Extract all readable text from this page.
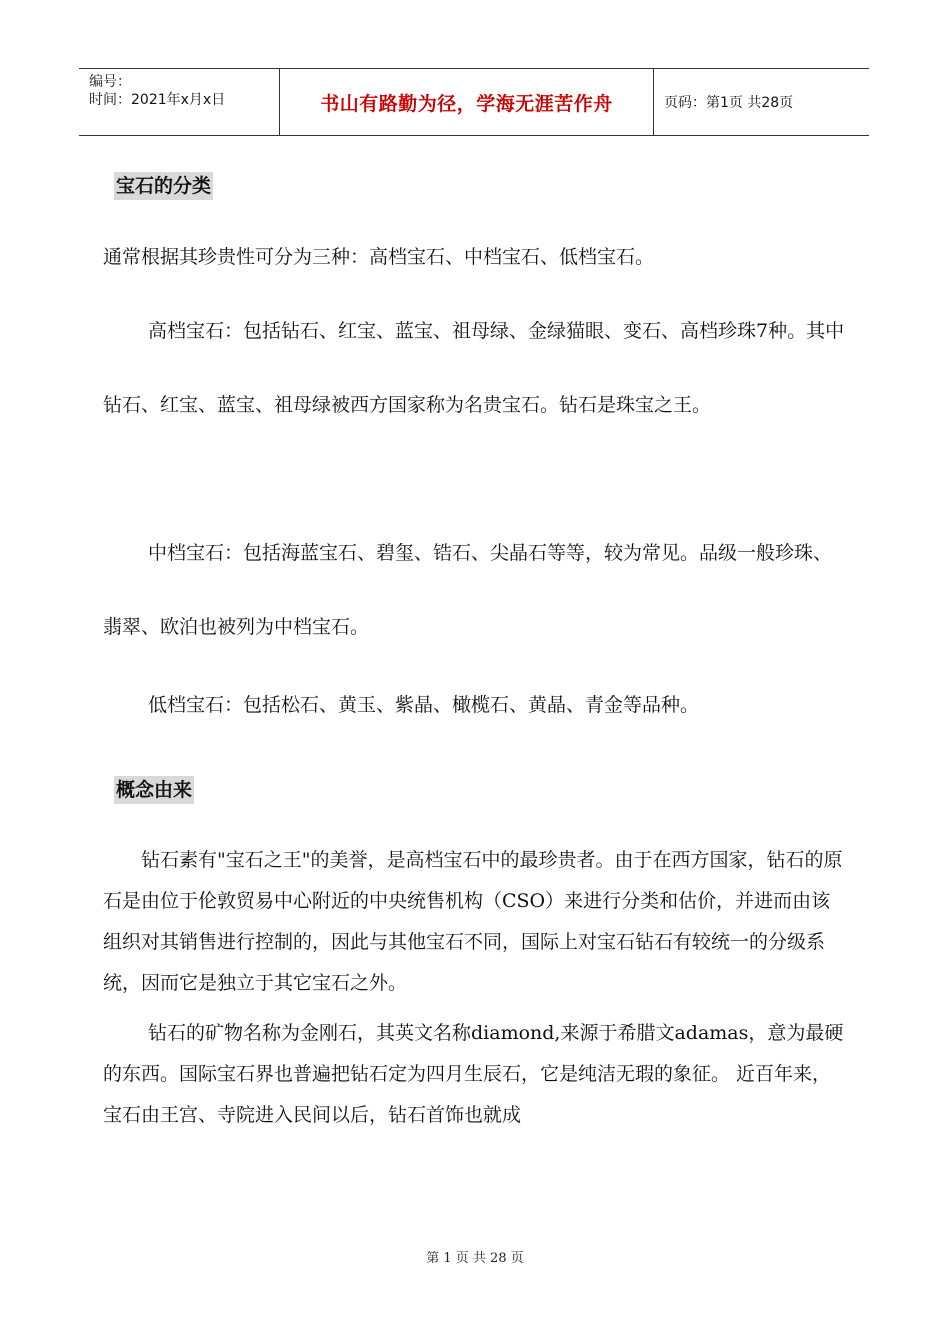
编号：
时间：2021年x月x日	书山有路勤为径，学海无涯苦作舟	页码：第1页 共28页
宝石的分类
通常根据其珍贵性可分为三种：高档宝石、中档宝石、低档宝石。
高档宝石：包括钻石、红宝、蓝宝、祖母绿、金绿猫眼、变石、高档珍珠7种。其中钻石、红宝、蓝宝、祖母绿被西方国家称为名贵宝石。钻石是珠宝之王。
中档宝石：包括海蓝宝石、碧玺、锆石、尖晶石等等，较为常见。品级一般珍珠、翡翠、欧泊也被列为中档宝石。
低档宝石：包括松石、黄玉、紫晶、橄榄石、黄晶、青金等品种。
概念由来
钻石素有"宝石之王"的美誉，是高档宝石中的最珍贵者。由于在西方国家，钻石的原石是由位于伦敦贸易中心附近的中央统售机构（CSO）来进行分类和估价，并进而由该组织对其销售进行控制的，因此与其他宝石不同，国际上对宝石钻石有较统一的分级系统，因而它是独立于其它宝石之外。
钻石的矿物名称为金刚石，其英文名称diamond,来源于希腊文adamas，意为最硬的东西。国际宝石界也普遍把钻石定为四月生辰石，它是纯洁无瑕的象征。 近百年来，宝石由王宫、寺院进入民间以后，钻石首饰也就成
第 1 页 共 28 页
